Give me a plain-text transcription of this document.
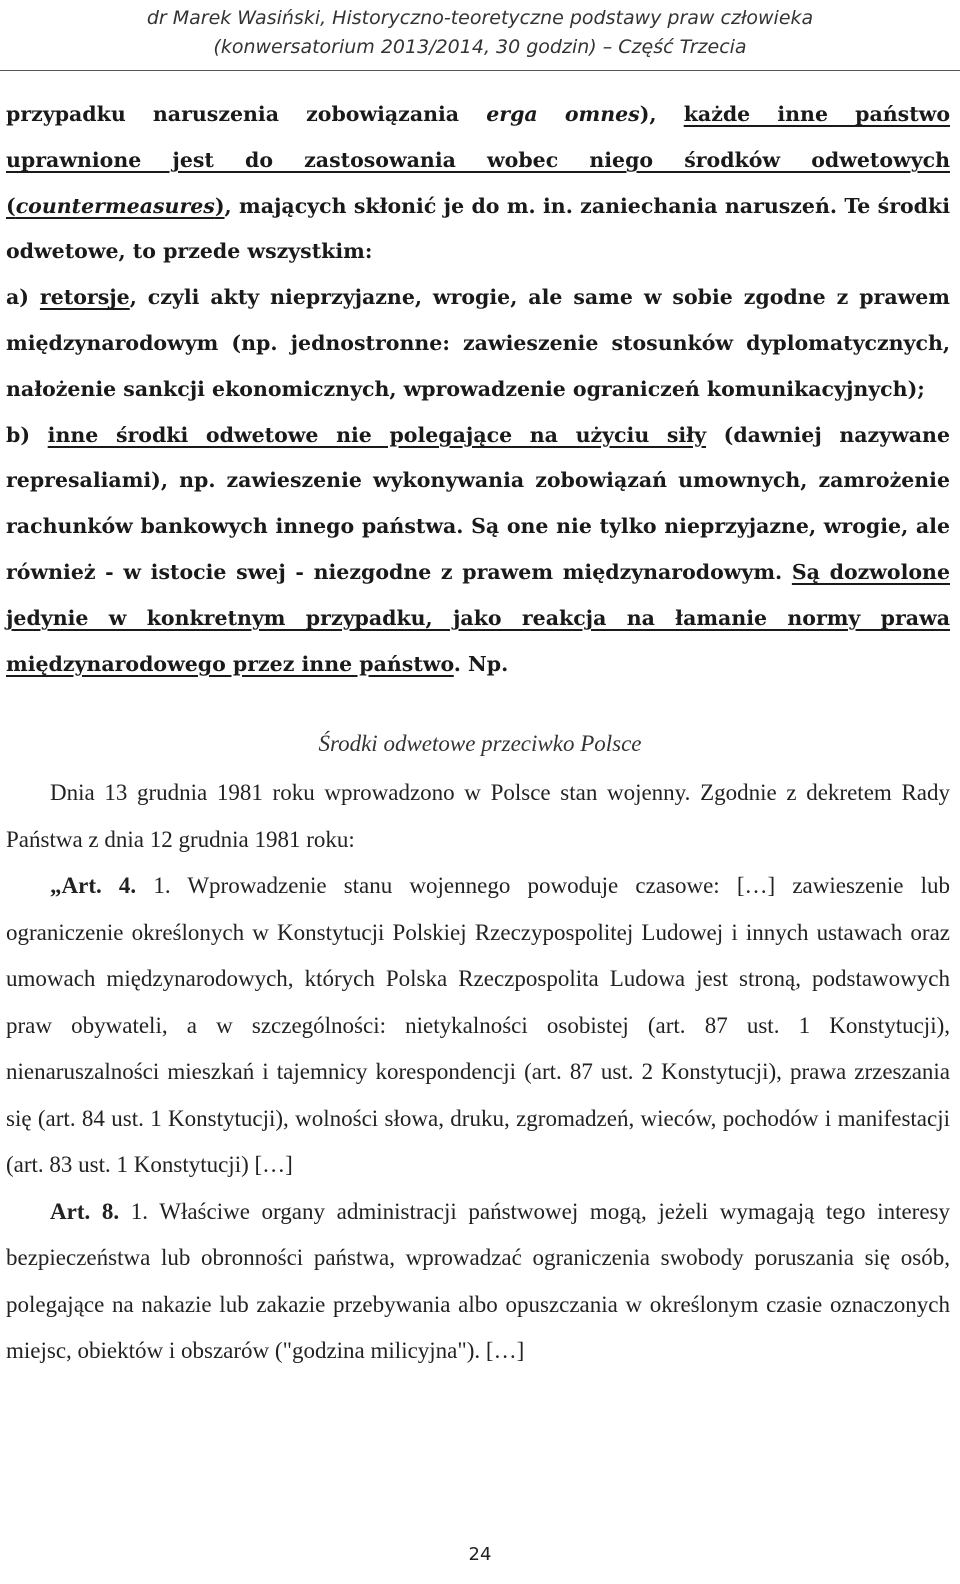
dr Marek Wasiński, Historyczno-teoretyczne podstawy praw człowieka
(konwersatorium 2013/2014, 30 godzin) – Część Trzecia

przypadku naruszenia zobowiązania erga omnes), każde inne państwo uprawnione jest do zastosowania wobec niego środków odwetowych (countermeasures), mających skłonić je do m. in. zaniechania naruszeń. Te środki odwetowe, to przede wszystkim:

a) retorsje, czyli akty nieprzyjazne, wrogie, ale same w sobie zgodne z prawem międzynarodowym (np. jednostronne: zawieszenie stosunków dyplomatycznych, nałożenie sankcji ekonomicznych, wprowadzenie ograniczeń komunikacyjnych);

b) inne środki odwetowe nie polegające na użyciu siły (dawniej nazywane represaliami), np. zawieszenie wykonywania zobowiązań umownych, zamrożenie rachunków bankowych innego państwa. Są one nie tylko nieprzyjazne, wrogie, ale również - w istocie swej - niezgodne z prawem międzynarodowym. Są dozwolone jedynie w konkretnym przypadku, jako reakcja na łamanie normy prawa międzynarodowego przez inne państwo. Np.

Środki odwetowe przeciwko Polsce

Dnia 13 grudnia 1981 roku wprowadzono w Polsce stan wojenny. Zgodnie z dekretem Rady Państwa z dnia 12 grudnia 1981 roku:

„Art. 4. 1. Wprowadzenie stanu wojennego powoduje czasowe: […] zawieszenie lub ograniczenie określonych w Konstytucji Polskiej Rzeczypospolitej Ludowej i innych ustawach oraz umowach międzynarodowych, których Polska Rzeczpospolita Ludowa jest stroną, podstawowych praw obywateli, a w szczególności: nietykalności osobistej (art. 87 ust. 1 Konstytucji), nienaruszalności mieszkań i tajemnicy korespondencji (art. 87 ust. 2 Konstytucji), prawa zrzeszania się (art. 84 ust. 1 Konstytucji), wolności słowa, druku, zgromadzeń, wieców, pochodów i manifestacji (art. 83 ust. 1 Konstytucji) […]

Art. 8. 1. Właściwe organy administracji państwowej mogą, jeżeli wymagają tego interesy bezpieczeństwa lub obronności państwa, wprowadzać ograniczenia swobody poruszania się osób, polegające na nakazie lub zakazie przebywania albo opuszczania w określonym czasie oznaczonych miejsc, obiektów i obszarów ("godzina milicyjna"). […]

24
